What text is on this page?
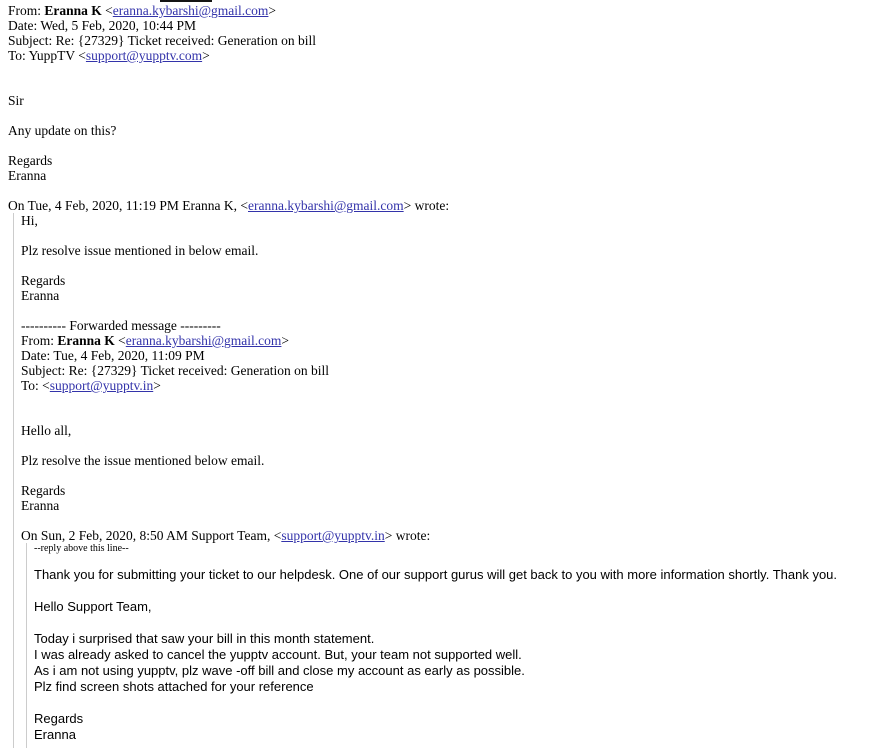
From: Eranna K <eranna.kybarshi@gmail.com>
Date: Wed, 5 Feb, 2020, 10:44 PM
Subject: Re: {27329} Ticket received: Generation on bill
To: YuppTV <support@yupptv.com>
Sir
Any update on this?
Regards
Eranna
On Tue, 4 Feb, 2020, 11:19 PM Eranna K, <eranna.kybarshi@gmail.com> wrote:
Hi,
Plz resolve issue mentioned in below email.
Regards
Eranna
---------- Forwarded message ---------
From: Eranna K <eranna.kybarshi@gmail.com>
Date: Tue, 4 Feb, 2020, 11:09 PM
Subject: Re: {27329} Ticket received: Generation on bill
To: <support@yupptv.in>
Hello all,
Plz resolve the issue mentioned below email.
Regards
Eranna
On Sun, 2 Feb, 2020, 8:50 AM Support Team, <support@yupptv.in> wrote:
--reply above this line--
Thank you for submitting your ticket to our helpdesk. One of our support gurus will get back to you with more information shortly. Thank you.
Hello Support Team,
Today i surprised that saw your bill in this month statement.
I was already asked to cancel the yupptv account. But, your team not supported well.
As i am not using yupptv, plz wave -off bill and close my account as early as possible.
Plz find screen shots attached for your reference
Regards
Eranna
